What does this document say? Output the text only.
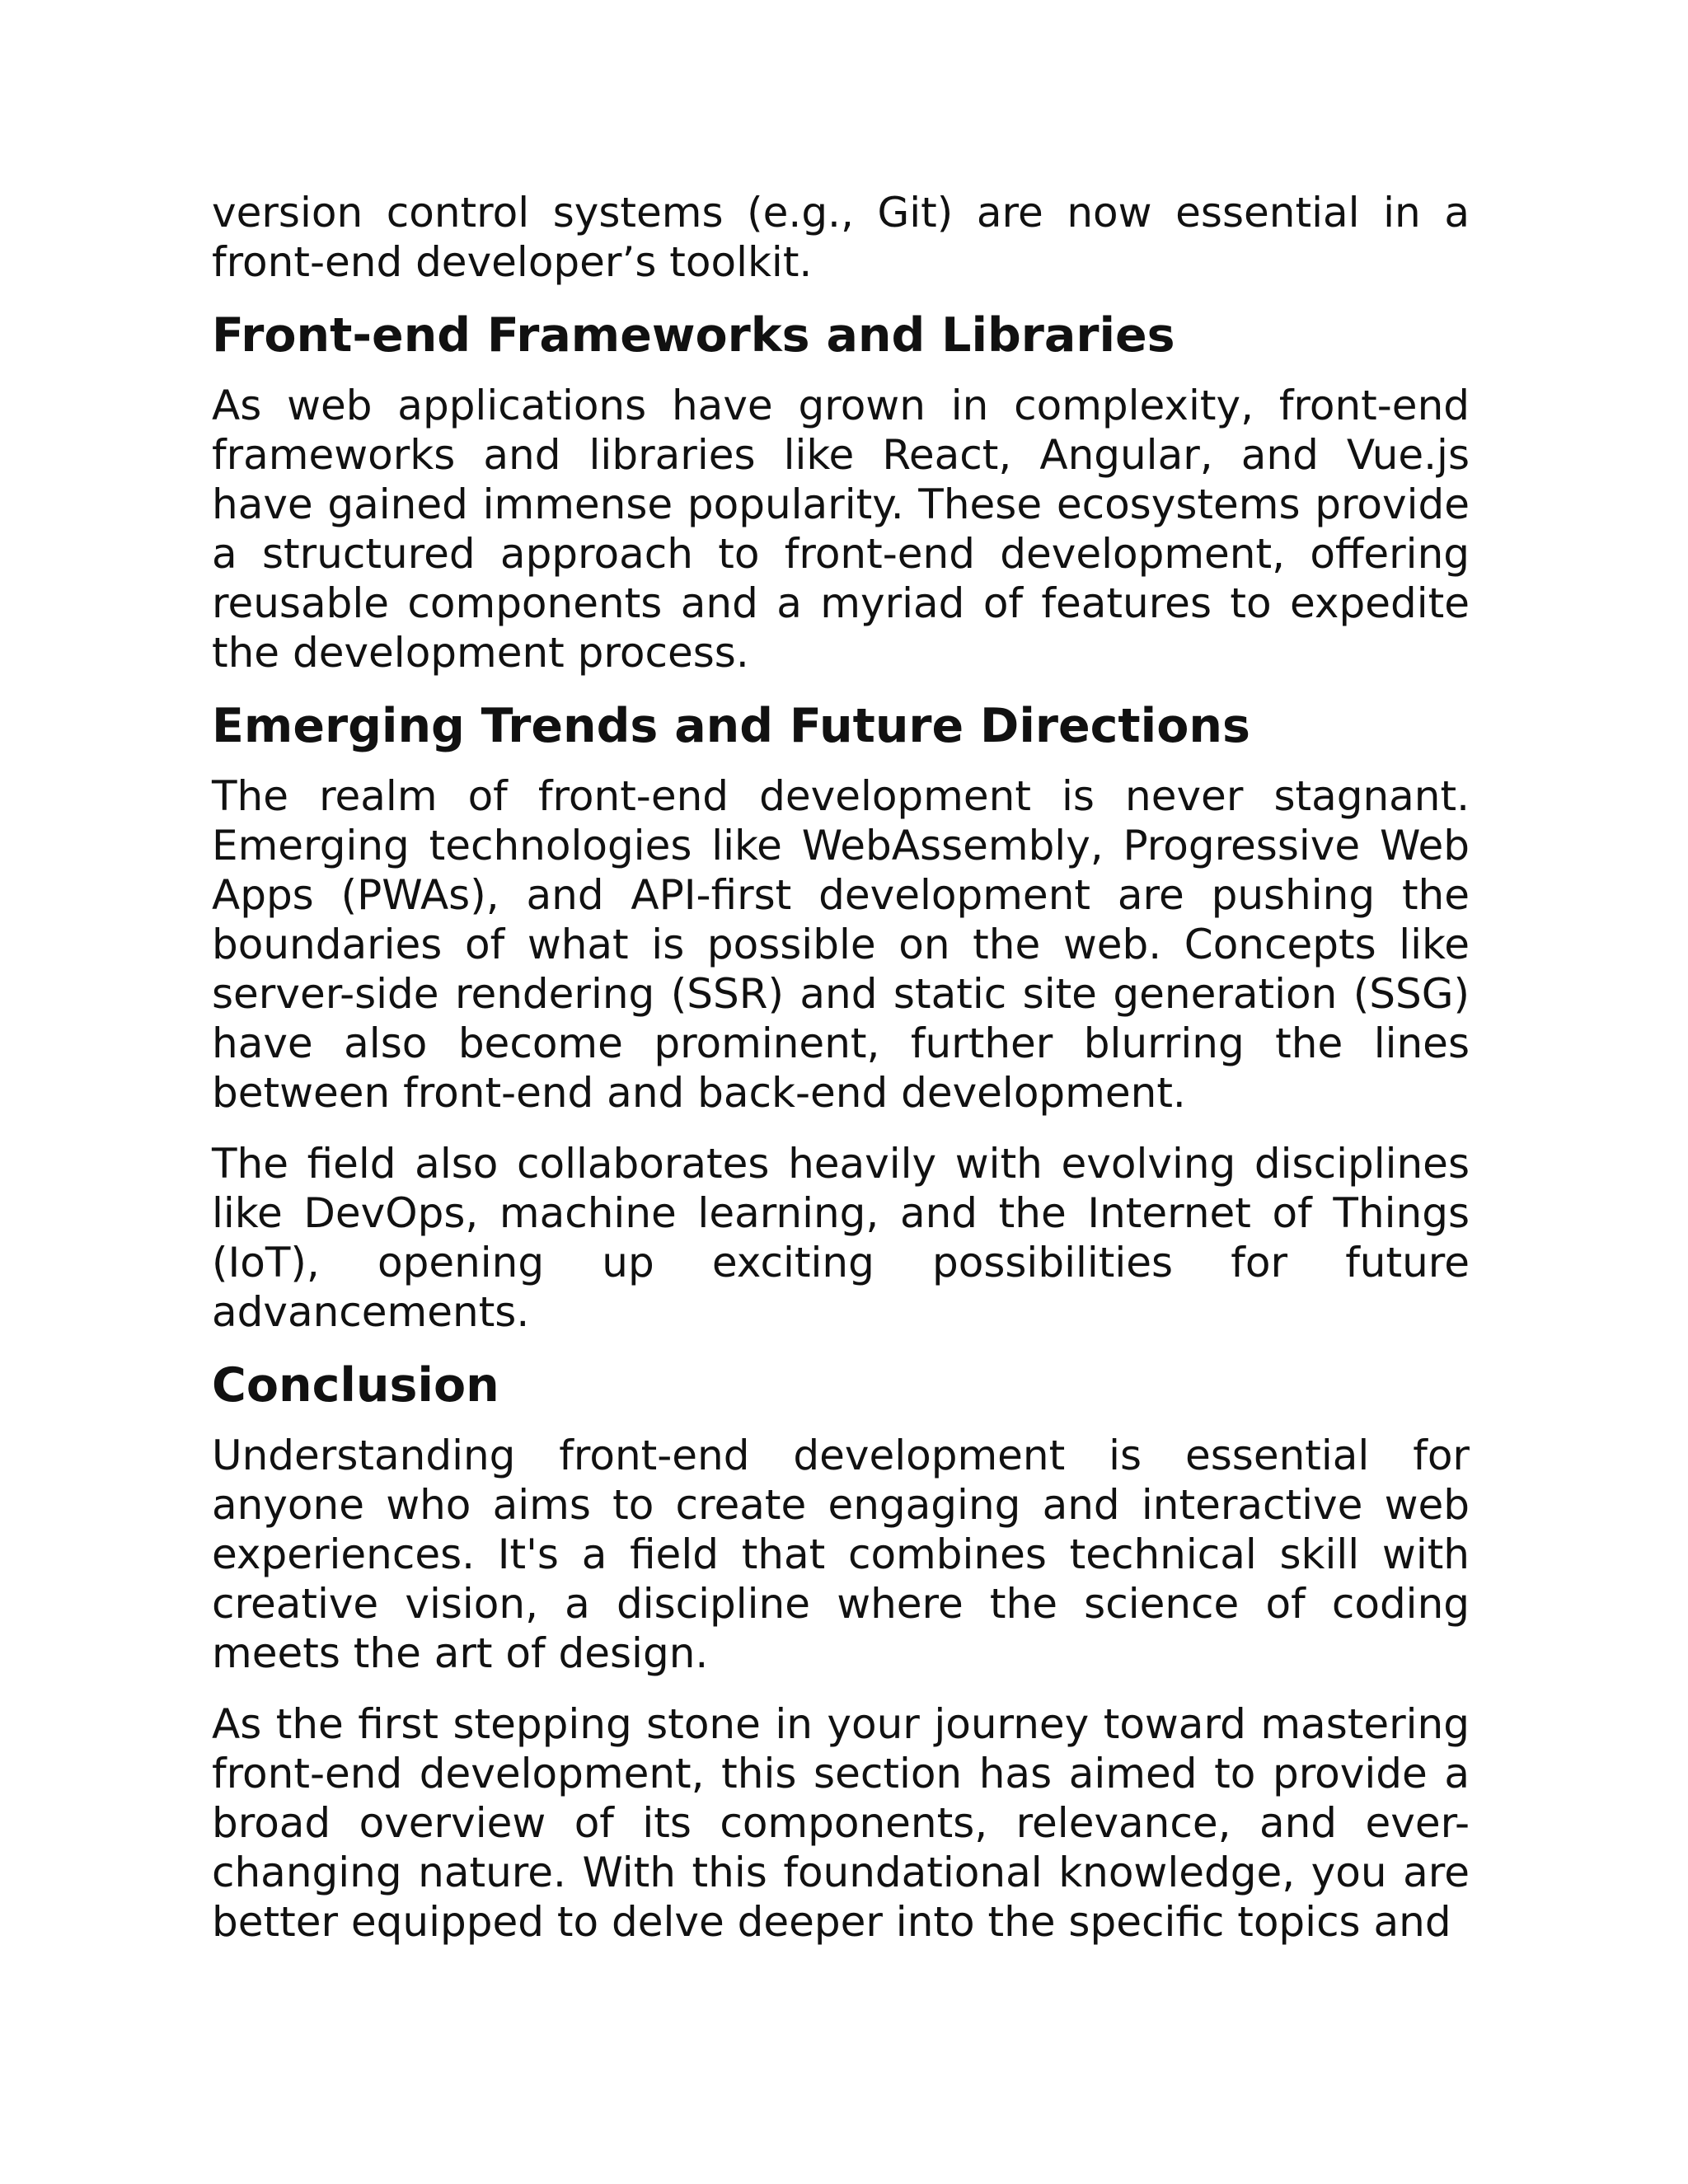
version control systems (e.g., Git) are now essential in a front-end developer’s toolkit.

Front-end Frameworks and Libraries

As web applications have grown in complexity, front-end frameworks and libraries like React, Angular, and Vue.js have gained immense popularity. These ecosystems provide a structured approach to front-end development, offering reusable components and a myriad of features to expedite the development process.

Emerging Trends and Future Directions

The realm of front-end development is never stagnant. Emerging technologies like WebAssembly, Progressive Web Apps (PWAs), and API-first development are pushing the boundaries of what is possible on the web. Concepts like server-side rendering (SSR) and static site generation (SSG) have also become prominent, further blurring the lines between front-end and back-end development.

The field also collaborates heavily with evolving disciplines like DevOps, machine learning, and the Internet of Things (IoT), opening up exciting possibilities for future advancements.

Conclusion

Understanding front-end development is essential for anyone who aims to create engaging and interactive web experiences. It's a field that combines technical skill with creative vision, a discipline where the science of coding meets the art of design.

As the first stepping stone in your journey toward mastering front-end development, this section has aimed to provide a broad overview of its components, relevance, and ever-changing nature. With this foundational knowledge, you are better equipped to delve deeper into the specific topics and
